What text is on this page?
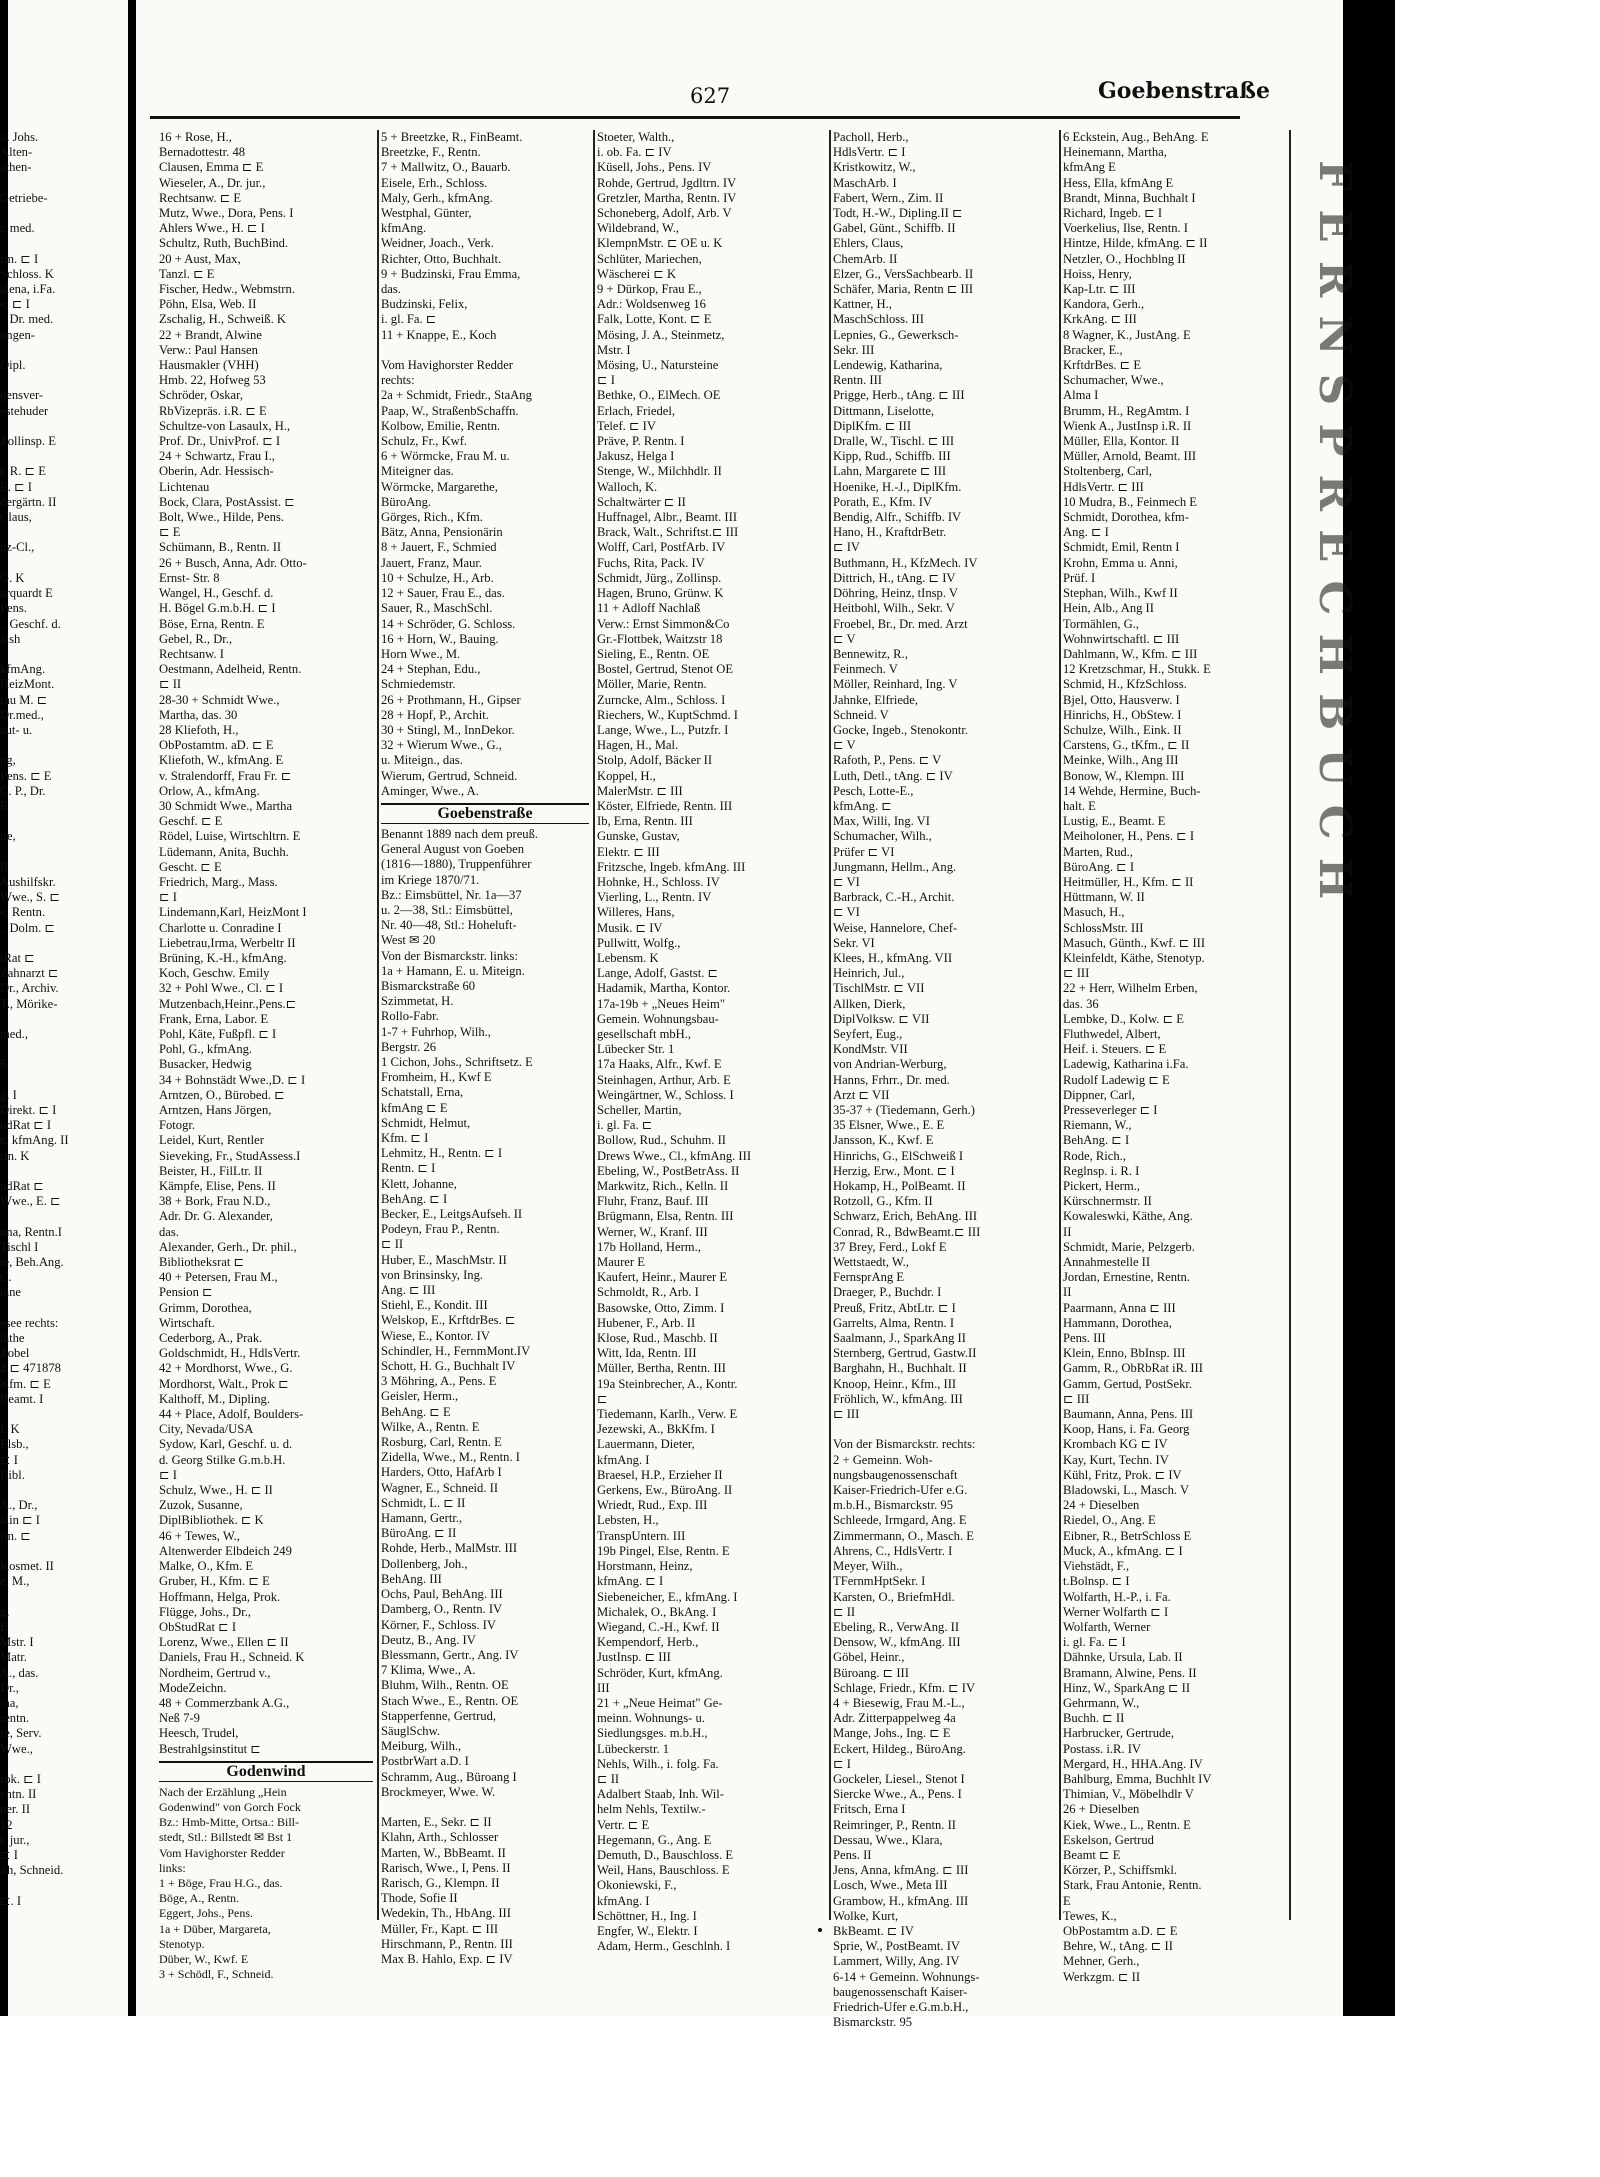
FERNSPRECHBUCH
627	Goebenstraße
u. Johs.
Alten-
athen-

Getriebe-

r. med.

fm. ⊏ I
Schloss. K
alena, i.Fa.
e, ⊏ I
., Dr. med.
ungen-

Dipl.

gensver-
estehuder

Zollinsp. E

r. R. ⊏ E
E. ⊏ I
dergärtn. II
Claus,

nz-Cl.,

G. K
arquardt E
Pens.
., Geschf. d.
alsh

kfmAng.
HeizMont.
rau M. ⊏
Dr.med.,
aut- u.

ng,
Pens. ⊏ E
C. P., Dr.
E

tte,

II
Aushilfskr.
Wwe., S. ⊏
e, Rentn.
., Dolm. ⊏

lRat ⊏
Zahnarzt ⊏
Dr., Archiv.
T., Mörike-

med.,

E

g. I
Direkt. ⊏ I
udRat ⊏ I
e, kfmAng. II
rtn. K

ndRat ⊏
Wwe., E. ⊏

nna, Rentn.I
Tischl I
te, Beh.Ang.
C.
iane

esee rechts:
läthe
Zobel
2 ⊏ 471878
Kfm. ⊏ E
Beamt. I

I. K
Elsb.,
⊏ I
Bibl.

A., Dr.,
alin ⊏ I
fm. ⊏

Kosmet. II
e, M.,

g.
E
Mstr. I
Matr.
A., das.
Dr.,
ina,
rentn.
re, Serv.
Wwe.,

rok. ⊏ I
entn. II
ner. II
12
r. jur.,
⊏ I
ith, Schneid.

⊏. I
16 + Rose, H.,
Bernadottestr. 48
Clausen, Emma ⊏ E
Wieseler, A., Dr. jur.,
Rechtsanw. ⊏ E
Mutz, Wwe., Dora, Pens. I
Ahlers Wwe., H. ⊏ I
Schultz, Ruth, BuchBind.
20 + Aust, Max,
Tanzl. ⊏ E
Fischer, Hedw., Webmstrn.
Pöhn, Elsa, Web. II
Zschalig, H., Schweiß. K
22 + Brandt, Alwine
Verw.: Paul Hansen
Hausmakler (VHH)
Hmb. 22, Hofweg 53
Schröder, Oskar,
RbVizepräs. i.R. ⊏ E
Schultze-von Lasaulx, H.,
Prof. Dr., UnivProf. ⊏ I
24 + Schwartz, Frau I.,
Oberin, Adr. Hessisch-
Lichtenau
Bock, Clara, PostAssist. ⊏
Bolt, Wwe., Hilde, Pens.
⊏ E
Schümann, B., Rentn. II
26 + Busch, Anna, Adr. Otto-
Ernst- Str. 8
Wangel, H., Geschf. d.
H. Bögel G.m.b.H. ⊏ I
Böse, Erna, Rentn. E
Gebel, R., Dr.,
Rechtsanw. I
Oestmann, Adelheid, Rentn.
⊏ II
28-30 + Schmidt Wwe.,
Martha, das. 30
28 Kliefoth, H.,
ObPostamtm. aD. ⊏ E
Kliefoth, W., kfmAng. E
v. Stralendorff, Frau Fr. ⊏
Orlow, A., kfmAng.
30 Schmidt Wwe., Martha
Geschf. ⊏ E
Rödel, Luise, Wirtschltrn. E
Lüdemann, Anita, Buchh.
Gescht. ⊏ E
Friedrich, Marg., Mass.
⊏ I
Lindemann,Karl, HeizMont I
Charlotte u. Conradine I
Liebetrau,Irma, Werbeltr II
Brüning, K.-H., kfmAng.
Koch, Geschw. Emily
32 + Pohl Wwe., Cl. ⊏ I
Mutzenbach,Heinr.,Pens.⊏
Frank, Erna, Labor. E
Pohl, Käte, Fußpfl. ⊏ I
Pohl, G., kfmAng.
Busacker, Hedwig
34 + Bohnstädt Wwe.,D. ⊏ I
Arntzen, O., Bürobed. ⊏
Arntzen, Hans Jörgen,
Fotogr.
Leidel, Kurt, Rentler
Sieveking, Fr., StudAssess.I
Beister, H., FilLtr. II
Kämpfe, Elise, Pens. II
38 + Bork, Frau N.D.,
Adr. Dr. G. Alexander,
das.
Alexander, Gerh., Dr. phil.,
Bibliotheksrat ⊏
40 + Petersen, Frau M.,
Pension ⊏
Grimm, Dorothea,
Wirtschaft.
Cederborg, A., Prak.
Goldschmidt, H., HdlsVertr.
42 + Mordhorst, Wwe., G.
Mordhorst, Walt., Prok ⊏
Kalthoff, M., Dipling.
44 + Place, Adolf, Boulders-
City, Nevada/USA
Sydow, Karl, Geschf. u. d.
d. Georg Stilke G.m.b.H.
⊏ I
Schulz, Wwe., H. ⊏ II
Zuzok, Susanne,
DiplBibliothek. ⊏ K
46 + Tewes, W.,
Altenwerder Elbdeich 249
Malke, O., Kfm. E
Gruber, H., Kfm. ⊏ E
Hoffmann, Helga, Prok.
Flügge, Johs., Dr.,
ObStudRat ⊏ I
Lorenz, Wwe., Ellen ⊏ II
Daniels, Frau H., Schneid. K
Nordheim, Gertrud v.,
ModeZeichn.
48 + Commerzbank A.G.,
Neß 7-9
Heesch, Trudel,
Bestrahlgsinstitut ⊏
Godenwind
Nach der Erzählung „Hein
Godenwind" von Gorch Fock
Bz.: Hmb-Mitte, Ortsa.: Bill-
stedt, Stl.: Billstedt ✉ Bst 1
Vom Havighorster Redder
links:
1 + Böge, Frau H.G., das.
Böge, A., Rentn.
Eggert, Johs., Pens.
1a + Düber, Margareta,
Stenotyp.
Düber, W., Kwf. E
3 + Schödl, F., Schneid.
5 + Breetzke, R., FinBeamt.
Breetzke, F., Rentn.
7 + Mallwitz, O., Bauarb.
Eisele, Erh., Schloss.
Maly, Gerh., kfmAng.
Westphal, Günter,
kfmAng.
Weidner, Joach., Verk.
Richter, Otto, Buchhalt.
9 + Budzinski, Frau Emma,
das.
Budzinski, Felix,
i. gl. Fa. ⊏
11 + Knappe, E., Koch

Vom Havighorster Redder
rechts:
2a + Schmidt, Friedr., StaAng
Paap, W., StraßenbSchaffn.
Kolbow, Emilie, Rentn.
Schulz, Fr., Kwf.
6 + Wörmcke, Frau M. u.
Miteigner das.
Wörmcke, Margarethe,
BüroAng.
Görges, Rich., Kfm.
Bätz, Anna, Pensionärin
8 + Jauert, F., Schmied
Jauert, Franz, Maur.
10 + Schulze, H., Arb.
12 + Sauer, Frau E., das.
Sauer, R., MaschSchl.
14 + Schröder, G. Schloss.
16 + Horn, W., Bauing.
Horn Wwe., M.
24 + Stephan, Edu.,
Schmiedemstr.
26 + Prothmann, H., Gipser
28 + Hopf, P., Archit.
30 + Stingl, M., InnDekor.
32 + Wierum Wwe., G.,
u. Miteign., das.
Wierum, Gertrud, Schneid.
Aminger, Wwe., A.
Goebenstraße
Benannt 1889 nach dem preuß.
General August von Goeben
(1816—1880), Truppenführer
im Kriege 1870/71.
Bz.: Eimsbüttel, Nr. 1a—37
u. 2—38, Stl.: Eimsbüttel,
Nr. 40—48, Stl.: Hoheluft-
West ✉ 20
Von der Bismarckstr. links:
1a + Hamann, E. u. Miteign.
Bismarckstraße 60
Szimmetat, H.
Rollo-Fabr.
1-7 + Fuhrhop, Wilh.,
Bergstr. 26
1 Cichon, Johs., Schriftsetz. E
Fromheim, H., Kwf E
Schatstall, Erna,
kfmAng ⊏ E
Schmidt, Helmut,
Kfm. ⊏ I
Lehmitz, H., Rentn. ⊏ I
Rentn. ⊏ I
Klett, Johanne,
BehAng. ⊏ I
Becker, E., LeitgsAufseh. II
Podeyn, Frau P., Rentn.
⊏ II
Huber, E., MaschMstr. II
von Brinsinsky, Ing.
Ang. ⊏ III
Stiehl, E., Kondit. III
Welskop, E., KrftdrBes. ⊏
Wiese, E., Kontor. IV
Schindler, H., FernmMont.IV
Schott, H. G., Buchhalt IV
3 Möhring, A., Pens. E
Geisler, Herm.,
BehAng. ⊏ E
Wilke, A., Rentn. E
Rosburg, Carl, Rentn. E
Zidella, Wwe., M., Rentn. I
Harders, Otto, HafArb I
Wagner, E., Schneid. II
Schmidt, L. ⊏ II
Hamann, Gertr.,
BüroAng. ⊏ II
Rohde, Herb., MalMstr. III
Dollenberg, Joh.,
BehAng. III
Ochs, Paul, BehAng. III
Damberg, O., Rentn. IV
Körner, F., Schloss. IV
Deutz, B., Ang. IV
Blessmann, Gertr., Ang. IV
7 Klima, Wwe., A.
Bluhm, Wilh., Rentn. OE
Stach Wwe., E., Rentn. OE
Stapperfenne, Gertrud,
SäuglSchw.
Meiburg, Wilh.,
PostbrWart a.D. I
Schramm, Aug., Büroang I
Brockmeyer, Wwe. W.

Marten, E., Sekr. ⊏ II
Klahn, Arth., Schlosser
Marten, W., BbBeamt. II
Rarisch, Wwe., I, Pens. II
Rarisch, G., Klempn. II
Thode, Sofie II
Wedekin, Th., HbAng. III
Müller, Fr., Kapt. ⊏ III
Hirschmann, P., Rentn. III
Max B. Hahlo, Exp. ⊏ IV
Stoeter, Walth.,
i. ob. Fa. ⊏ IV
Küsell, Johs., Pens. IV
Rohde, Gertrud, Jgdltrn. IV
Gretzler, Martha, Rentn. IV
Schoneberg, Adolf, Arb. V
Wildebrand, W.,
KlempnMstr. ⊏ OE u. K
Schlüter, Mariechen,
Wäscherei ⊏ K
9 + Dürkop, Frau E.,
Adr.: Woldsenweg 16
Falk, Lotte, Kont. ⊏ E
Mösing, J. A., Steinmetz,
Mstr. I
Mösing, U., Natursteine
⊏ I
Bethke, O., ElMech. OE
Erlach, Friedel,
Telef. ⊏ IV
Präve, P. Rentn. I
Jakusz, Helga I
Stenge, W., Milchhdlr. II
Walloch, K.
Schaltwärter ⊏ II
Huffnagel, Albr., Beamt. III
Brack, Walt., Schriftst.⊏ III
Wolff, Carl, PostfArb. IV
Fuchs, Rita, Pack. IV
Schmidt, Jürg., Zollinsp.
Hagen, Bruno, Grünw. K
11 + Adloff Nachlaß
Verw.: Ernst Simmon&Co
Gr.-Flottbek, Waitzstr 18
Sieling, E., Rentn. OE
Bostel, Gertrud, Stenot OE
Möller, Marie, Rentn.
Zurncke, Alm., Schloss. I
Riechers, W., KuptSchmd. I
Lange, Wwe., L., Putzfr. I
Hagen, H., Mal.
Stolp, Adolf, Bäcker II
Koppel, H.,
MalerMstr. ⊏ III
Köster, Elfriede, Rentn. III
Ib, Erna, Rentn. III
Gunske, Gustav,
Elektr. ⊏ III
Fritzsche, Ingeb. kfmAng. III
Hohnke, H., Schloss. IV
Vierling, L., Rentn. IV
Willeres, Hans,
Musik. ⊏ IV
Pullwitt, Wolfg.,
Lebensm. K
Lange, Adolf, Gastst. ⊏
Hadamik, Martha, Kontor.
17a-19b + „Neues Heim"
Gemein. Wohnungsbau-
gesellschaft mbH.,
Lübecker Str. 1
17a Haaks, Alfr., Kwf. E
Steinhagen, Arthur, Arb. E
Weingärtner, W., Schloss. I
Scheller, Martin,
i. gl. Fa. ⊏
Bollow, Rud., Schuhm. II
Drews Wwe., Cl., kfmAng. III
Ebeling, W., PostBetrAss. II
Markwitz, Rich., Kelln. II
Fluhr, Franz, Bauf. III
Brügmann, Elsa, Rentn. III
Werner, W., Kranf. III
17b Holland, Herm.,
Maurer E
Kaufert, Heinr., Maurer E
Schmoldt, R., Arb. I
Basowske, Otto, Zimm. I
Hubener, F., Arb. II
Klose, Rud., Maschb. II
Witt, Ida, Rentn. III
Müller, Bertha, Rentn. III
19a Steinbrecher, A., Kontr.
⊏
Tiedemann, Karlh., Verw. E
Jezewski, A., BkKfm. I
Lauermann, Dieter,
kfmAng. I
Braesel, H.P., Erzieher II
Gerkens, Ew., BüroAng. II
Wriedt, Rud., Exp. III
Lebsten, H.,
TranspUntern. III
19b Pingel, Else, Rentn. E
Horstmann, Heinz,
kfmAng. ⊏ I
Siebeneicher, E., kfmAng. I
Michalek, O., BkAng. I
Wiegand, C.-H., Kwf. II
Kempendorf, Herb.,
JustInsp. ⊏ III
Schröder, Kurt, kfmAng.
III
21 + „Neue Heimat" Ge-
meinn. Wohnungs- u.
Siedlungsges. m.b.H.,
Lübeckerstr. 1
Nehls, Wilh., i. folg. Fa.
⊏ II
Adalbert Staab, Inh. Wil-
helm Nehls, Textilw.-
Vertr. ⊏ E
Hegemann, G., Ang. E
Demuth, D., Bauschloss. E
Weil, Hans, Bauschloss. E
Okoniewski, F.,
kfmAng. I
Schöttner, H., Ing. I
Engfer, W., Elektr. I
Adam, Herm., Geschlnh. I
Pacholl, Herb.,
HdlsVertr. ⊏ I
Kristkowitz, W.,
MaschArb. I
Fabert, Wern., Zim. II
Todt, H.-W., Dipling.II ⊏
Gabel, Günt., Schiffb. II
Ehlers, Claus,
ChemArb. II
Elzer, G., VersSachbearb. II
Schäfer, Maria, Rentn ⊏ III
Kattner, H.,
MaschSchloss. III
Lepnies, G., Gewerksch-
Sekr. III
Lendewig, Katharina,
Rentn. III
Prigge, Herb., tAng. ⊏ III
Dittmann, Liselotte,
DiplKfm. ⊏ III
Dralle, W., Tischl. ⊏ III
Kipp, Rud., Schiffb. III
Lahn, Margarete ⊏ III
Hoenike, H.-J., DiplKfm.
Porath, E., Kfm. IV
Bendig, Alfr., Schiffb. IV
Hano, H., KraftdrBetr.
⊏ IV
Buthmann, H., KfzMech. IV
Dittrich, H., tAng. ⊏ IV
Döhring, Heinz, tInsp. V
Heitbohl, Wilh., Sekr. V
Froebel, Br., Dr. med. Arzt
⊏ V
Bennewitz, R.,
Feinmech. V
Möller, Reinhard, Ing. V
Jahnke, Elfriede,
Schneid. V
Gocke, Ingeb., Stenokontr.
⊏ V
Rafoth, P., Pens. ⊏ V
Luth, Detl., tAng. ⊏ IV
Pesch, Lotte-E.,
kfmAng. ⊏
Max, Willi, Ing. VI
Schumacher, Wilh.,
Prüfer ⊏ VI
Jungmann, Hellm., Ang.
⊏ VI
Barbrack, C.-H., Archit.
⊏ VI
Weise, Hannelore, Chef-
Sekr. VI
Klees, H., kfmAng. VII
Heinrich, Jul.,
TischlMstr. ⊏ VII
Allken, Dierk,
DiplVolksw. ⊏ VII
Seyfert, Eug.,
KondMstr. VII
von Andrian-Werburg,
Hanns, Frhrr., Dr. med.
Arzt ⊏ VII
35-37 + (Tiedemann, Gerh.)
35 Elsner, Wwe., E. E
Jansson, K., Kwf. E
Hinrichs, G., ElSchweiß I
Herzig, Erw., Mont. ⊏ I
Hokamp, H., PolBeamt. II
Rotzoll, G., Kfm. II
Schwarz, Erich, BehAng. III
Conrad, R., BdwBeamt.⊏ III
37 Brey, Ferd., Lokf E
Wettstaedt, W.,
FernsprAng E
Draeger, P., Buchdr. I
Preuß, Fritz, AbtLtr. ⊏ I
Garrelts, Alma, Rentn. I
Saalmann, J., SparkAng II
Sternberg, Gertrud, Gastw.II
Barghahn, H., Buchhalt. II
Knoop, Heinr., Kfm., III
Fröhlich, W., kfmAng. III
⊏ III

Von der Bismarckstr. rechts:
2 + Gemeinn. Woh-
nungsbaugenossenschaft
Kaiser-Friedrich-Ufer e.G.
m.b.H., Bismarckstr. 95
Schleede, Irmgard, Ang. E
Zimmermann, O., Masch. E
Ahrens, C., HdlsVertr. I
Meyer, Wilh.,
TFernmHptSekr. I
Karsten, O., BriefmHdl.
⊏ II
Ebeling, R., VerwAng. II
Densow, W., kfmAng. III
Göbel, Heinr.,
Büroang. ⊏ III
Schlage, Friedr., Kfm. ⊏ IV
4 + Biesewig, Frau M.-L.,
Adr. Zitterpappelweg 4a
Mange, Johs., Ing. ⊏ E
Eckert, Hildeg., BüroAng.
⊏ I
Gockeler, Liesel., Stenot I
Siercke Wwe., A., Pens. I
Fritsch, Erna I
Reimringer, P., Rentn. II
Dessau, Wwe., Klara,
Pens. II
Jens, Anna, kfmAng. ⊏ III
Losch, Wwe., Meta III
Grambow, H., kfmAng. III
Wolke, Kurt,
BkBeamt. ⊏ IV
Sprie, W., PostBeamt. IV
Lammert, Willy, Ang. IV
6-14 + Gemeinn. Wohnungs-
baugenossenschaft Kaiser-
Friedrich-Ufer e.G.m.b.H.,
Bismarckstr. 95
6 Eckstein, Aug., BehAng. E
Heinemann, Martha,
kfmAng E
Hess, Ella, kfmAng E
Brandt, Minna, Buchhalt I
Richard, Ingeb. ⊏ I
Voerkelius, Ilse, Rentn. I
Hintze, Hilde, kfmAng. ⊏ II
Netzler, O., Hochblng II
Hoiss, Henry,
Kap-Ltr. ⊏ III
Kandora, Gerh.,
KrkAng. ⊏ III
8 Wagner, K., JustAng. E
Bracker, E.,
KrftdrBes. ⊏ E
Schumacher, Wwe.,
Alma I
Brumm, H., RegAmtm. I
Wienk A., JustInsp i.R. II
Müller, Ella, Kontor. II
Müller, Arnold, Beamt. III
Stoltenberg, Carl,
HdlsVertr. ⊏ III
10 Mudra, B., Feinmech E
Schmidt, Dorothea, kfm-
Ang. ⊏ I
Schmidt, Emil, Rentn I
Krohn, Emma u. Anni,
Prüf. I
Stephan, Wilh., Kwf II
Hein, Alb., Ang II
Tormählen, G.,
Wohnwirtschaftl. ⊏ III
Dahlmann, W., Kfm. ⊏ III
12 Kretzschmar, H., Stukk. E
Schmid, H., KfzSchloss.
Bjel, Otto, Hausverw. I
Hinrichs, H., ObStew. I
Schulze, Wilh., Eink. II
Carstens, G., tKfm., ⊏ II
Meinke, Wilh., Ang III
Bonow, W., Klempn. III
14 Wehde, Hermine, Buch-
halt. E
Lustig, E., Beamt. E
Meiholoner, H., Pens. ⊏ I
Marten, Rud.,
BüroAng. ⊏ I
Heitmüller, H., Kfm. ⊏ II
Hüttmann, W. II
Masuch, H.,
SchlossMstr. III
Masuch, Günth., Kwf. ⊏ III
Kleinfeldt, Käthe, Stenotyp.
⊏ III
22 + Herr, Wilhelm Erben,
das. 36
Lembke, D., Kolw. ⊏ E
Fluthwedel, Albert,
Heif. i. Steuers. ⊏ E
Ladewig, Katharina i.Fa.
Rudolf Ladewig ⊏ E
Dippner, Carl,
Presseverleger ⊏ I
Riemann, W.,
BehAng. ⊏ I
Rode, Rich.,
Reglnsp. i. R. I
Pickert, Herm.,
Kürschnermstr. II
Kowaleswki, Käthe, Ang.
II
Schmidt, Marie, Pelzgerb.
Annahmestelle II
Jordan, Ernestine, Rentn.
II
Paarmann, Anna ⊏ III
Hammann, Dorothea,
Pens. III
Klein, Enno, BbInsp. III
Gamm, R., ObRbRat iR. III
Gamm, Gertud, PostSekr.
⊏ III
Baumann, Anna, Pens. III
Koop, Hans, i. Fa. Georg
Krombach KG ⊏ IV
Kay, Kurt, Techn. IV
Kühl, Fritz, Prok. ⊏ IV
Bladowski, L., Masch. V
24 + Dieselben
Riedel, O., Ang. E
Eibner, R., BetrSchloss E
Muck, A., kfmAng. ⊏ I
Viehstädt, F.,
t.Bolnsp. ⊏ I
Wolfarth, H.-P., i. Fa.
Werner Wolfarth ⊏ I
Wolfarth, Werner
i. gl. Fa. ⊏ I
Dähnke, Ursula, Lab. II
Bramann, Alwine, Pens. II
Hinz, W., SparkAng ⊏ II
Gehrmann, W.,
Buchh. ⊏ II
Harbrucker, Gertrude,
Postass. i.R. IV
Mergard, H., HHA.Ang. IV
Bahlburg, Emma, Buchhlt IV
Thimian, V., Möbelhdlr V
26 + Dieselben
Kiek, Wwe., L., Rentn. E
Eskelson, Gertrud
Beamt ⊏ E
Körzer, P., Schiffsmkl.
Stark, Frau Antonie, Rentn.
E
Tewes, K.,
ObPostamtm a.D. ⊏ E
Behre, W., tAng. ⊏ II
Mehner, Gerh.,
Werkzgm. ⊏ II
